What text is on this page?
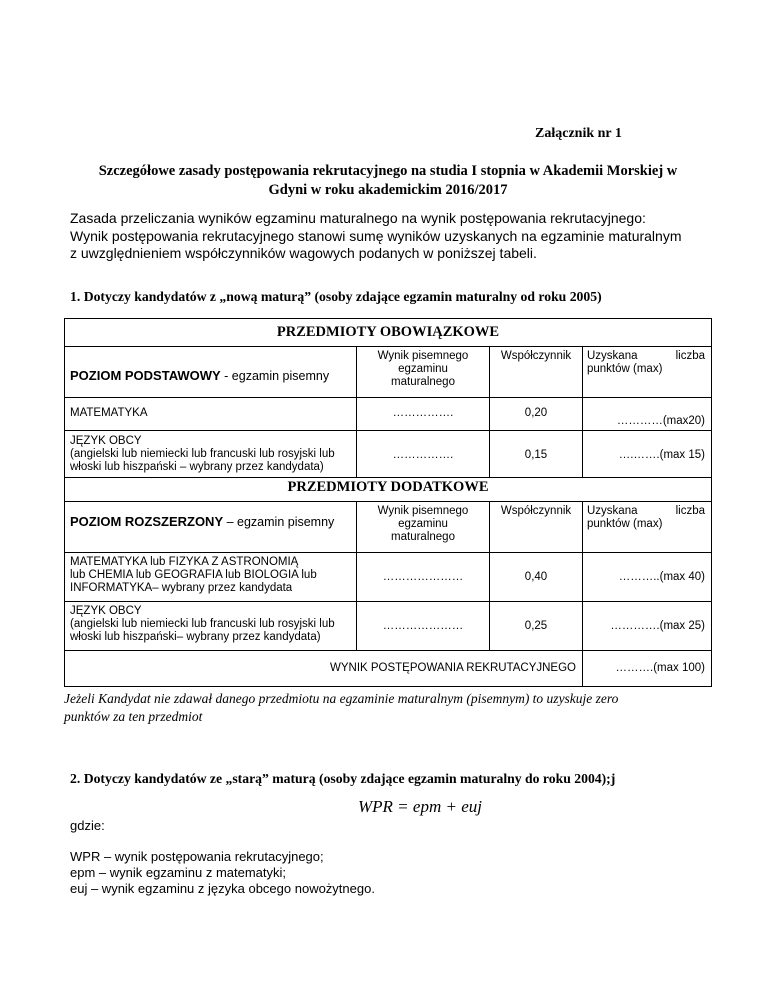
Załącznik nr 1
Szczegółowe zasady postępowania rekrutacyjnego na studia I stopnia w Akademii Morskiej w
Gdyni w roku akademickim 2016/2017
Zasada przeliczania wyników egzaminu maturalnego na wynik postępowania rekrutacyjnego:
Wynik postępowania rekrutacyjnego stanowi sumę wyników uzyskanych na egzaminie maturalnym
z uwzględnieniem współczynników wagowych podanych w poniższej tabeli.
1. Dotyczy kandydatów z „nową maturą” (osoby zdające egzamin maturalny od roku 2005)
PRZEDMIOTY OBOWIĄZKOWE
POZIOM PODSTAWOWY - egzamin pisemny
Wynik pisemnego
egzaminu
maturalnego
Współczynnik	Uzyskana	liczba
punktów (max)
MATEMATYKA	…………….	0,20
…………(max20)
JĘZYK OBCY
(angielski lub niemiecki lub francuski lub rosyjski lub
włoski lub hiszpański – wybrany przez kandydata)
…………….	0,15	….…….(max 15)
PRZEDMIOTY DODATKOWE
POZIOM ROZSZERZONY – egzamin pisemny
Wynik pisemnego
egzaminu
maturalnego
Współczynnik	Uzyskana	liczba
punktów (max)
MATEMATYKA lub FIZYKA Z ASTRONOMIĄ
lub CHEMIA lub GEOGRAFIA lub BIOLOGIA lub
INFORMATYKA– wybrany przez kandydata
…………………	0,40	………..(max 40)
JĘZYK OBCY
(angielski lub niemiecki lub francuski lub rosyjski lub
włoski lub hiszpański– wybrany przez kandydata)
…………………	0,25	………….(max 25)
WYNIK POSTĘPOWANIA REKRUTACYJNEGO	……….(max 100)
Jeżeli Kandydat nie zdawał danego przedmiotu na egzaminie maturalnym (pisemnym) to uzyskuje zero
punktów za ten przedmiot
2. Dotyczy kandydatów ze „starą” maturą (osoby zdające egzamin maturalny do roku 2004);j
WPR = epm + euj
gdzie:
WPR – wynik postępowania rekrutacyjnego;
epm – wynik egzaminu z matematyki;
euj – wynik egzaminu z języka obcego nowożytnego.
